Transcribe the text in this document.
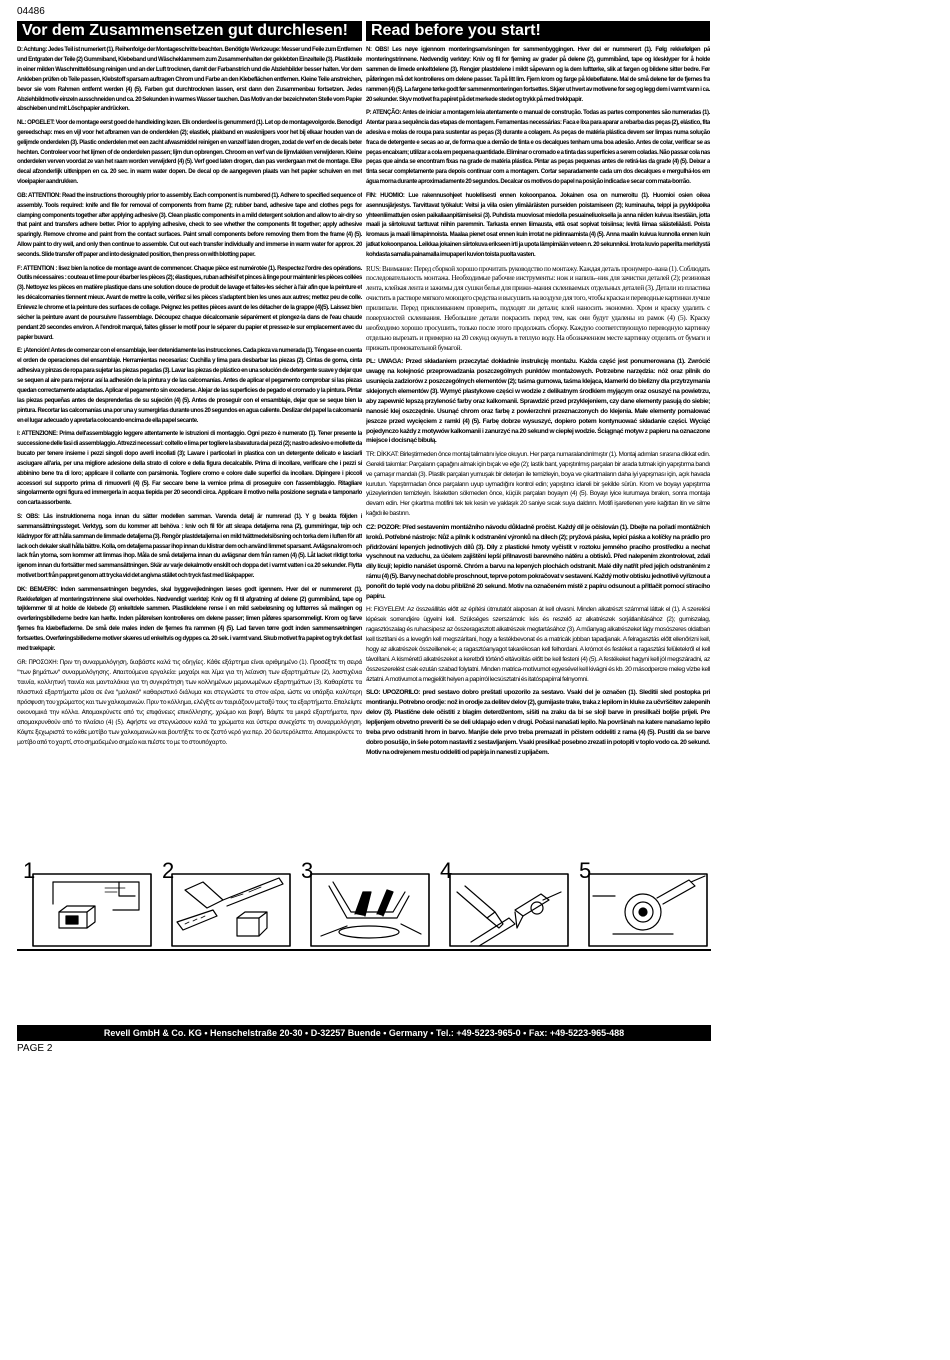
04486
Vor dem Zusammensetzen gut durchlesen!	Read before you start!

D: Achtung: Jedes Teil ist numeriert (1). Reihenfolge der Montageschritte beachten. Benötigte Werkzeuge: Messer und Feile zum Entfernen und Entgraten der Teile (2) Gummiband, Klebeband und Wäscheklammern zum Zusammenhalten der geklebten Einzelteile (3). Plastikteile in einer milden Waschmittellösung reinigen und an der Luft trocknen, damit der Farbanstrich und die Abziehbilder besser halten. Vor dem Ankleben prüfen ob Teile passen, Klebstoff sparsam auftragen Chrom und Farbe an den Klebeflächen entfernen. Kleine Teile anstreichen, bevor sie vom Rahmen entfernt werden (4) (5). Farben gut durchtrocknen lassen, erst dann den Zusammenbau fortsetzen. Jedes Abziehbildmotiv einzeln ausschneiden und ca. 20 Sekunden in warmes Wasser tauchen. Das Motiv an der bezeichneten Stelle vom Papier abschieben und mit Löschpapier andrücken.

NL: OPGELET: Voor de montage eerst goed de handleiding lezen. Elk onderdeel is genummerd (1). Let op de montagevolgorde. Benodigd gereedschap: mes en vijl voor het afbramen van de onderdelen (2); elastiek, plakband en wasknijpers voor het bij elkaar houden van de gelijmde onderdelen (3). Plastic onderdelen met een zacht afwasmiddel reinigen en vanzelf laten drogen, zodat de verf en de decals beter hechten. Controleer voor het lijmen of de onderdelen passen; lijm dun opbrengen. Chroom en verf van de lijmvlakken verwijderen. Kleine onderdelen verven voordat ze van het raam worden verwijderd (4) (5). Verf goed laten drogen, dan pas verdergaan met de montage. Elke decal afzonderlijk uitknippen en ca. 20 sec. in warm water dopen. De decal op de aangegeven plaats van het papier schuiven en met vloeipapier aandrukken.

GB: ATTENTION: Read the instructions thoroughly prior to assembly. Each component is numbered (1). Adhere to specified sequence of assembly. Tools required: knife and file for removal of components from frame (2); rubber band, adhesive tape and clothes pegs for clamping components together after applying adhesive (3). Clean plastic components in a mild detergent solution and allow to air-dry so that paint and transfers adhere better. Prior to applying adhesive, check to see whether the components fit together; apply adhesive sparingly. Remove chrome and paint from the contact surfaces. Paint small components before removing them from the frame (4) (5). Allow paint to dry well, and only then continue to assemble. Cut out each transfer individually and immerse in warm water for approx. 20 seconds. Slide transfer off paper and into designated position, then press on with blotting paper.

F: ATTENTION : lisez bien la notice de montage avant de commencer. Chaque pièce est numérotée (1). Respectez l'ordre des opérations. Outils nécessaires : couteau et lime pour ébarber les pièces (2); élastiques, ruban adhésif et pinces à linge pour maintenir les pièces collées (3). Nettoyez les pièces en matière plastique dans une solution douce de produit de lavage et faites-les sécher à l'air afin que la peinture et les décalcomanies tiennent mieux. Avant de mettre la colle, vérifiez si les pièces s'adaptent bien les unes aux autres; mettez peu de colle. Enlevez le chrome et la peinture des surfaces de collage. Peignez les petites pièces avant de les détacher de la grappe (4)(5). Laissez bien sécher la peinture avant de poursuivre l'assemblage. Découpez chaque décalcomanie séparément et plongez-la dans de l'eau chaude pendant 20 secondes environ. A l'endroit marqué, faites glisser le motif pour le séparer du papier et pressez-le sur emplacement avec du papier buvard.

E: ¡Atención! Antes de comenzar con el ensamblaje, leer detenidamente las instrucciones. Cada pieza va numerada (1). Téngase en cuenta el orden de operaciones del ensamblaje. Herramientas necesarias: Cuchilla y lima para desbarbar las piezas (2). Cintas de goma, cinta adhesiva y pinzas de ropa para sujetar las piezas pegadas (3). Lavar las piezas de plástico en una solución de detergente suave y dejar que se sequen al aire para mejorar así la adhesión de la pintura y de las calcomanías. Antes de aplicar el pegamento comprobar si las piezas quedan correctamente adaptadas. Aplicar el pegamento sin excederse. Alejar de las superficies de pegado el cromado y la pintura. Pintar las piezas pequeñas antes de desprenderlas de su sujeción (4) (5). Antes de proseguir con el ensamblaje, dejar que se seque bien la pintura. Recortar las calcomanías una por una y sumergirlas durante unos 20 segundos en agua caliente. Deslizar del papel la calcomanía en el lugar adecuado y apretarla colocando encima de ella papel secante.

I: ATTENZIONE: Prima dell'assemblaggio leggere attentamente le istruzioni di montaggio. Ogni pezzo è numerato (1). Tener presente la successione delle fasi di assemblaggio. Attrezzi necessari: coltello e lima per togliere la sbavatura dai pezzi (2); nastro adesivo e mollette da bucato per tenere insieme i pezzi singoli dopo averli incollati (3); Lavare i particolari in plastica con un detergente delicato e lasciarli asciugare all'aria, per una migliore adesione della strato di colore e della figura decalcabile. Prima di incollare, verificare che i pezzi si abbinino bene tra di loro; applicare il collante con parsimonia. Togliere cromo e colore dalle superfici da incollare. Dipingere i piccoli accessori sul supporto prima di rimuoverli (4) (5). Far seccare bene la vernice prima di proseguire con l'assemblaggio. Ritagliare singolarmente ogni figura ed immergerla in acqua tiepida per 20 secondi circa. Applicare il motivo nella posizione segnata e tamponarlo con carta assorbente.

S: OBS: Läs instruktionerna noga innan du sätter modellen samman. Varenda detalj är numrerad (1). Y g beakta följden i sammansättningssteget. Verktyg, som du kommer att behöva : kniv och fil för att skrapa detaljerna rena (2), gummiringar, tejp och klädnypor för att hålla samman de limmade detaljerna (3). Rengör plastdetaljerna i en mild tvättmedelslösning och torka dem i luften för att lack och dekaler skall hålla bättre. Kolla, om detaljerna passar ihop innan du klistrar dem och använd limmet sparsamt. Avlägsna krom och lack från ytorna, som kommer att limmas ihop. Måla de små detaljerna innan du avlägsnar dem från ramen (4) (5). Låt lacket riktigt torka igenom innan du fortsätter med sammansättningen. Skär av varje dekalmotiv enskilt och doppa det i varmt vatten i ca 20 sekunder. Flytta motivet bort från pappret genom att trycka vid det angivna stället och tryck fast med läskpapper.

DK: BEMÆRK: Inden sammensætningen begyndes, skal byggevejledningen læses godt igennem. Hver del er nummereret (1). Rækkefølgen af monteringstrinnene skal overholdes. Nødvendigt værktøj: Kniv og fil til afgratning af delene (2) gummibånd, tape og tøjklemmer til at holde de klebede (3) enkeltdele sammen. Plastikdelene rense i en mild sæbeløsning og lufttørres så malingen og overføringsbillederne bedre kan hæfte. Inden påførelsen kontrolleres om delene passer; limen påføres sparsommeligt. Krom og farve fjernes fra klæbefladerne. De små dele males inden de fjernes fra rammen (4) (5). Lad farven tørre godt inden sammensætningen fortsættes. Overføringsbillederne motiver skæres ud enkeltvis og dyppes ca. 20 sek. i varmt vand. Skub motivet fra papiret og tryk det fast med trækpapir.

GR: ΠΡΟΣΟΧΗ: Πριν τη συναρμολόγηση, διαβάστε καλά τις οδηγίες. Κάθε εξάρτημα είναι αριθμημένο (1). Προσέξτε τη σειρά "των βημάτων" συναρμολόγησης. Απαιτούμενα εργαλεία: μαχαίρι και λίμα για τη λείανση των εξαρτημάτων (2), λαστιχένια ταινία, κολλητική ταινία και μανταλάκια για τη συγκράτηση των κολλημένων μεμονωμένων εξαρτημάτων (3). Καθαρίστε τα πλαστικά εξαρτήματα μέσα σε ένα "μαλακό" καθαριστικό διάλυμα και στεγνώστε τα στον αέρα, ώστε να υπάρξει καλύτερη πρόσφυση του χρώματος και των χαλκομανιών. Πριν το κόλλημα, ελέγξτε αν ταιριάζουν μεταξύ τους τα εξαρτήματα. Επαλείψτε οικονομικά την κόλλα. Απομακρύνετε από τις επιφάνειες επικόλλησης, χρώμιο και βαφή. Βάψτε τα μικρά εξαρτήματα, πριν απομακρυνθούν από το πλαίσιο (4) (5). Αφήστε να στεγνώσουν καλά τα χρώματα και ύστερα συνεχίστε τη συναρμολόγηση. Κόψτε ξεχωριστά το κάθε μοτίβο των χαλκομανιών και βουτήξτε το σε ζεστό νερό για περ. 20 δευτερόλεπτα. Απομακρύνετε το μοτίβο από το χαρτί, στο σημαδεμένο σημείο και πιέστε το με το στουπόχαρτο.

N: OBS! Les nøye igjennom monteringsanvisningen før sammenbyggingen. Hver del er nummerert (1). Følg rekkefølgen på monteringstrinnene. Nødvendig verktøy: Kniv og fil for fjerning av grader på delene (2), gummibånd, tape og klesklyper for å holde sammen de limede enkeltdelene (3). Rengjør plastdelene i mildt såpevann og la dem lufttørke, slik at fargen og bildene sitter bedre. Før påføringen må det kontrolleres om delene passer. Ta på litt lim. Fjern krom og farge på klebeflatene. Mal de små delene før de fjernes fra rammen (4) (5). La fargene tørke godt før sammenmonteringen fortsettes. Skjær ut hvert av motivene for seg og legg dem i varmt vann i ca. 20 sekunder. Skyv motivet fra papiret på det merkede stedet og trykk på med trekkpapir.

P: ATENÇÃO: Antes de iniciar a montagem leia atentamente o manual de construção. Todas as partes componentes são numeradas (1). Atentar para a sequência das etapas de montagem. Ferramentas necessárias: Faca e lixa para aparar a rebarba das peças (2), elástico, fita adesiva e molas de roupa para sustentar as peças (3) durante a colagem. As peças de matéria plástica devem ser limpas numa solução fraca de detergente e secas ao ar, de forma que a demão de tinta e os decalques tenham uma boa adesão. Antes de colar, verificar se as peças encaixam; utilizar a cola em pequena quantidade. Eliminar o cromado e a tinta das superfícies a serem coladas. Não passar cola nas peças que ainda se encontram fixas na grade de matéria plástica. Pintar as peças pequenas antes de retirá-las da grade (4) (5). Deixar a tinta secar completamente para depois continuar com a montagem. Cortar separadamente cada um dos decalques e mergulhá-los em água morna durante aproximadamente 20 segundos. Decalcar os motivos do papel na posição indicada e secar com mata-borrão.

FIN: HUOMIO: Lue rakennusohjeet huolellisesti ennen kokoonpanoa. Jokainen osa on numeroitu (1). Huomioi osien oikea asennusjärjestys. Tarvittavat työkalut: Veitsi ja viila osien ylimääräisten purseiden poistamiseen (2); kuminauha, teippi ja pyykkipoika yhteenliimattujen osien paikallaanpitämiseksi (3). Puhdista muoviosat miedolla pesuaineliuoksella ja anna niiden kuivua itsestään, jotta maali ja siirtokuvat tarttuvat niihin paremmin. Tarkasta ennen liimausta, että osat sopivat toisiinsa; levitä liimaa säästeliäästi. Poista kromaus ja maali liimapinnoista. Maalaa pienet osat ennen kuin irrotat ne pidinraamista (4) (5). Anna maalin kuivua kunnolla ennen kuin jatkat kokoonpanoa. Leikkaa jokainen siirtokuva erikseen irti ja upota lämpimään veteen n. 20 sekunniksi. Irrota kuvio paperilta merkitystä kohdasta samalla painamalla imupaperi kuvion toista puolta vasten.

RUS: Внимание: Перед сборкой хорошо прочитать руководство по монтажу. Каждая деталь пронумеро–вана (1). Соблюдать последовательность монтажа. Необходимые рабочие инструменты: нож и напиль–ник для зачистки деталей (2); резиновая лента, клейкая лента и зажимы для сушки белья для прижи–мания склеиваемых отдельных деталей (3). Детали из пластика очистить в растворе мягкого моющего средства и высушить на воздухе для того, чтобы краска и переводные картинки лучше прилипали. Перед приклеиванием проверить, подходят ли детали; клей наносить экономно. Хром и краску удалить с поверхностей склеивания. Небольшие детали покрасить перед тем, как они будут удалены из рамок (4) (5). Краску необходимо хорошо просушить, только после этого продолжать сборку. Каждую соответствующую переводную картинку отдельно вырезать и примерно на 20 секунд окунуть в теплую воду. На обозначенном месте картинку отделить от бумаги и прижать промокательной бумагой.

PL: UWAGA: Przed składaniem przeczytać dokładnie instrukcję montażu. Każda część jest ponumerowana (1). Zwrócić uwagę na kolejność przeprowadzania poszczególnych punktów montażowych. Potrzebne narzędzia: nóż oraz pilnik do usunięcia zadziorów z poszczególnych elementów (2); taśma gumowa, taśma klejąca, klamerki do bielizny dla przytrzymania sklejonych elementów (3). Wymyć plastykowe części w wodzie z delikatnym środkiem myjącym oraz osuszyć na powietrzu, aby zapewnić lepszą przyleność farby oraz kalkomanii. Sprawdzić przed przyklejeniem, czy dane elementy pasują do siebie; nanosić klej oszczędnie. Usunąć chrom oraz farbę z powierzchni przeznaczonych do klejenia. Małe elementy pomalować jeszcze przed wycięciem z ramki (4) (5). Farbę dobrze wysuszyć, dopiero potem kontynuować składanie części. Wyciąć pojedynczo każdy z motywów kalkomanii i zanurzyć na 20 sekund w ciepłej wodzie. Ściągnąć motyw z papieru na oznaczone miejsce i docisnąć bibułą.

TR: DİKKAT: Birleştirmeden önce montaj talimatını iyice okuyun. Her parça numaralandırılmıştır (1). Montaj adımları sırasına dikkat edin. Gerekli takımlar: Parçaların çapağını almak için bıçak ve eğe (2); lastik bant, yapıştırılmış parçaları bir arada tutmak için yapıştırma bandı ve çamaşır mandalı (3). Plastik parçaları yumuşak bir deterjan ile temizleyin, boya ve çıkartmaların daha iyi yapışması için, açık havada kurutun. Yapıştırmadan önce parçaların uyup uymadığını kontrol edin; yapıştırıcı idareli bir şekilde sürün. Krom ve boyayı yapıştırma yüzeylerinden temizleyin. İskeletten sökmeden önce, küçük parçaları boyayın (4) (5). Boyayı iyice kurumaya bırakın, sonra montaja devam edin. Her çıkartma motifini tek tek kesin ve yaklaşık 20 saniye sıcak suya daldırın. Motifi işaretlenen yere kağıttan itin ve silme kağıdı ile bastırın.

CZ: POZOR: Před sestavením montážního návodu důkladně pročíst. Každý díl je očíslován (1). Dbejte na pořadí montážních kroků. Potřebné nástroje: Nůž a pilník k odstranění výronků na dílech (2); pryžová páska, lepicí páska a kolíčky na prádlo pro přidržování lepených jednotlivých dílů (3). Díly z plastické hmoty vyčistit v roztoku jemného pracího prostředku a nechat vyschnout na vzduchu, za účelem zajištění lepší přilnavosti barevného nátěru a obtisků. Před nalepením zkontrolovat, zdali díly lícují; lepidlo nanášet úsporně. Chróm a barvu na lepených plochách odstranit. Malé díly natřít před jejich odstraněním z rámu (4) (5). Barvy nechat dobře proschnout, teprve potom pokračovat v sestavení. Každý motiv obtisku jednotlivě vyříznout a ponořit do teplé vody na dobu přibližně 20 sekund. Motiv na označeném místě z papíru odsunout a přitlačit pomocí stíracího papíru.

H: FIGYELEM: Az összeállítás előtt az építési útmutatót alaposan át kell olvasni. Minden alkatrészt számmal láttak el (1). A szerelési lépések sorrendjére ügyelni kell. Szükséges szerszámok: kés és reszelő az alkatrészek sorjátlanításához (2); gumiszalag, ragasztószalag és ruhacsipesz az összeragasztott alkatrészek megtartásához (3). A műanyag alkatrészeket lágy mosószeres oldatban kell tisztítani és a levegőn kell megszárítani, hogy a festékbevonat és a matricák jobban tapadjanak. A felragasztás előtt ellenőrizni kell, hogy az alkatrészek összeillenek-e; a ragasztóanyagot takarékosan kell felhordani. A krómot és festéket a ragasztási felületekről el kell távolítani. A kisméretű alkatrészeket a keretből történő eltávolítás előtt be kell festeni (4) (5). A festékeket hagyni kell jól megszáradni, az összeszerelést csak ezután szabad folytatni. Minden matrica-motívumot egyesével kell kivágni és kb. 20 másodpercre meleg vízbe kell áztatni. A motívumot a megjelölt helyen a papírról lecsúsztatni és itatóspapírral felnyomni.

SLO: UPOZORILO: pred sestavo dobro preštati upozorilo za sestavo. Vsaki del je označen (1). Sleditii sled postopka pri montiranju. Potrebno orodje: nož in orodje za delitev delov (2), gumijaste trake, traka z lepilom in kluke za učvrščitev zalepenih delov (3). Plastične dele očistiti z blagim deterdžentom, sišiti na zraku da bi se slojl barve in presilkači boljše prijeli. Pre lepljenjem obvetno preveriti če se deli uklapajo eden v drugi. Počasi nanašati lepilo. Na površinah na katere nanašamo lepilo treba prvo odstraniti hrom in barvo. Manjše dele prvo treba premazati in pčistem oddeliti z rama (4) (5). Pustiti da se barve dobro posušijo, in šele potom nastaviti z sestavljanjem. Vsaki presilkač posebno zrezati in potopiti v toplo vodo ca. 20 sekund. Motiv na odrejenem mestu oddeliti od papirja in nanesti z upijačem.

1	2	3	4	5
Revell GmbH & Co. KG • Henschelstraße 20-30 • D-32257 Buende • Germany • Tel.: +49-5223-965-0 • Fax: +49-5223-965-488
PAGE 2
